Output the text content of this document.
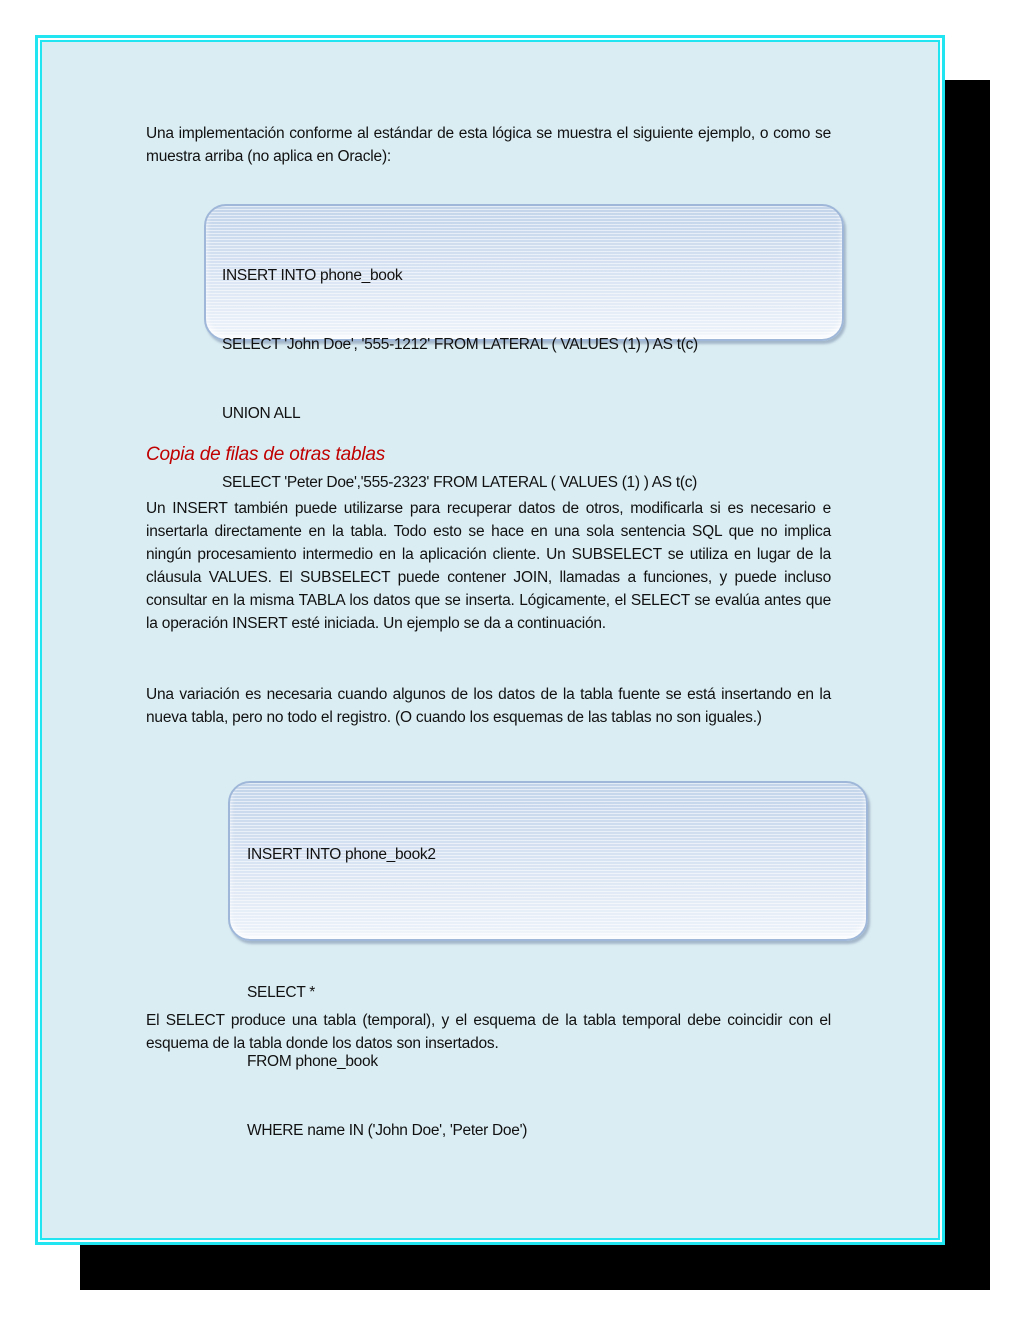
Una implementación conforme al estándar de esta lógica se muestra el siguiente ejemplo, o como se muestra arriba (no aplica en Oracle):

INSERT INTO phone_book

SELECT 'John Doe', '555-1212' FROM LATERAL ( VALUES (1) ) AS t(c)

UNION ALL

SELECT 'Peter Doe','555-2323' FROM LATERAL ( VALUES (1) ) AS t(c)

Copia de filas de otras tablas

Un INSERT también puede utilizarse para recuperar datos de otros, modificarla si es necesario e insertarla directamente en la tabla. Todo esto se hace en una sola sentencia SQL que no implica ningún procesamiento intermedio en la aplicación cliente. Un SUBSELECT se utiliza en lugar de la cláusula VALUES. El SUBSELECT puede contener JOIN, llamadas a funciones, y puede incluso consultar en la misma TABLA los datos que se inserta. Lógicamente, el SELECT se evalúa antes que la operación INSERT esté iniciada. Un ejemplo se da a continuación.

Una variación es necesaria cuando algunos de los datos de la tabla fuente se está insertando en la nueva tabla, pero no todo el registro. (O cuando los esquemas de las tablas no son iguales.)

INSERT INTO phone_book2

SELECT *

FROM phone_book

WHERE name IN ('John Doe', 'Peter Doe')

El SELECT produce una tabla (temporal), y el esquema de la tabla temporal debe coincidir con el esquema de la tabla donde los datos son insertados.
